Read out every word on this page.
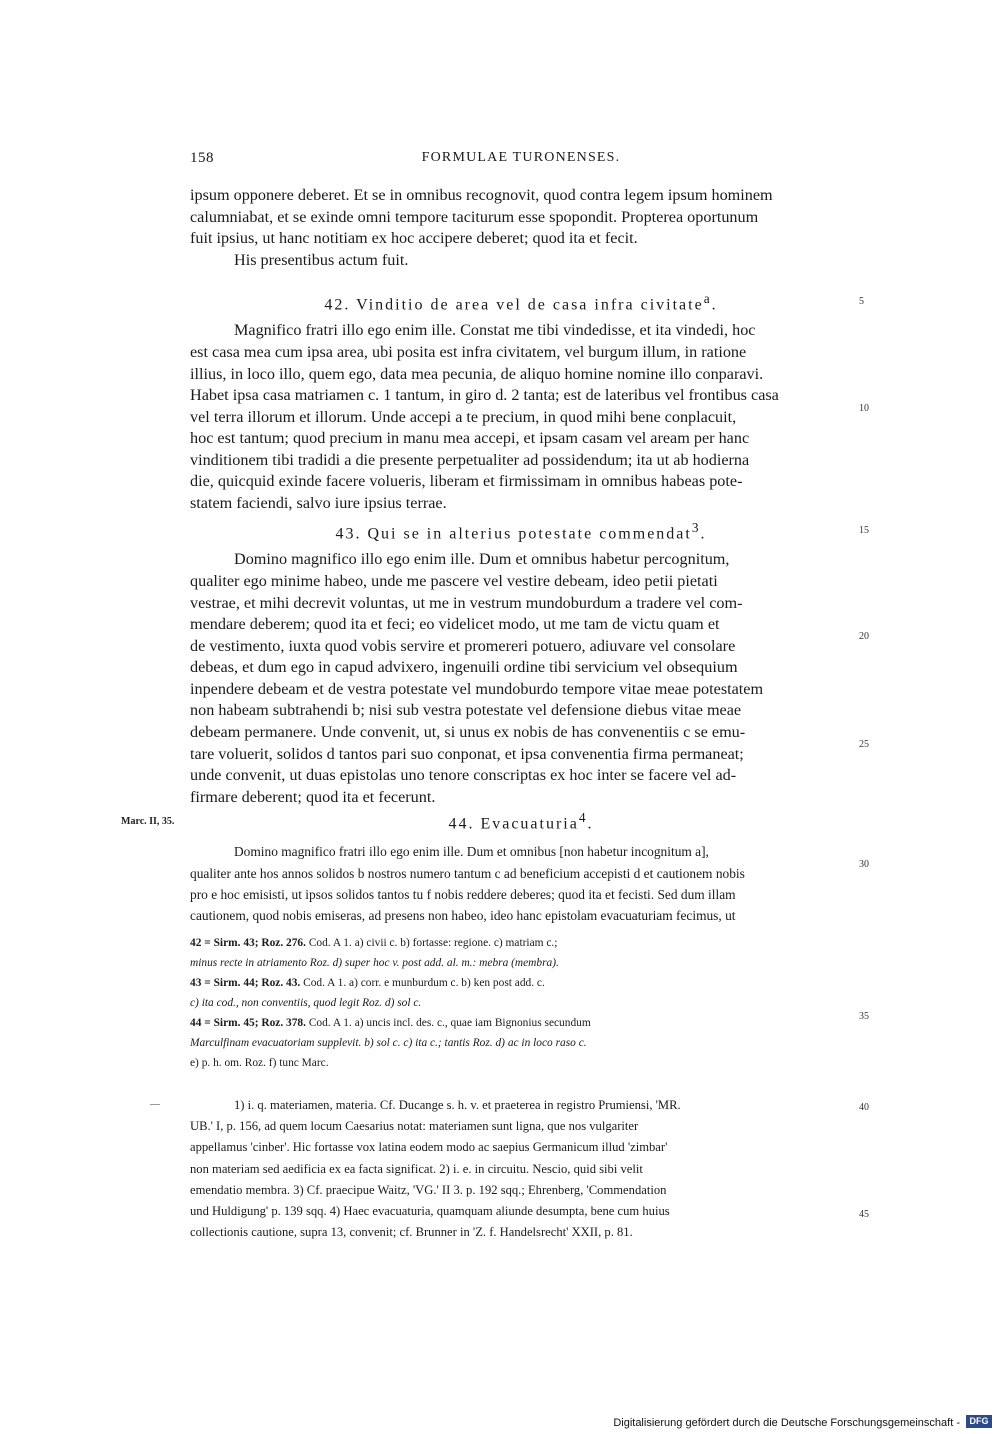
158	FORMULAE TURONENSES.

ipsum opponere deberet. Et se in omnibus recognovit, quod contra legem ipsum hominem

calumniabat, et se exinde omni tempore taciturum esse spopondit. Propterea oportunum

fuit ipsius, ut hanc notitiam ex hoc accipere deberet; quod ita et fecit.

His presentibus actum fuit.

42. Vinditio de area vel de casa infra civitate$^a$.

Magnifico fratri illo ego enim ille. Constat me tibi vindedisse, et ita vindedi, hoc

est casa mea cum ipsa area, ubi posita est infra civitatem, vel burgum illum, in ratione

illius, in loco illo, quem ego, data mea pecunia, de aliquo homine nomine illo conparavi.

Habet ipsa casa matriamen c. 1 tantum, in giro d. 2 tanta; est de lateribus vel frontibus casa

vel terra illorum et illorum. Unde accepi a te precium, in quod mihi bene conplacuit,

hoc est tantum; quod precium in manu mea accepi, et ipsam casam vel aream per hanc

vinditionem tibi tradidi a die presente perpetualiter ad possidendum; ita ut ab hodierna

die, quicquid exinde facere volueris, liberam et firmissimam in omnibus habeas pote-

statem faciendi, salvo iure ipsius terrae.

43. Qui se in alterius potestate commendat$^3$.

Domino magnifico illo ego enim ille. Dum et omnibus habetur percognitum,

qualiter ego minime habeo, unde me pascere vel vestire debeam, ideo petii pietati

vestrae, et mihi decrevit voluntas, ut me in vestrum mundoburdum a tradere vel com-

mendare deberem; quod ita et feci; eo videlicet modo, ut me tam de victu quam et

de vestimento, iuxta quod vobis servire et promereri potuero, adiuvare vel consolare

debeas, et dum ego in capud advixero, ingenuili ordine tibi servicium vel obsequium

inpendere debeam et de vestra potestate vel mundoburdo tempore vitae meae potestatem

non habeam subtrahendi b; nisi sub vestra potestate vel defensione diebus vitae meae

debeam permanere. Unde convenit, ut, si unus ex nobis de has convenentiis c se emu-

tare voluerit, solidos d tantos pari suo conponat, et ipsa convenentia firma permaneat;

unde convenit, ut duas epistolas uno tenore conscriptas ex hoc inter se facere vel ad-

firmare deberent; quod ita et fecerunt.

Marc. II, 35.	44. Evacuaturia$^4$.

Domino magnifico fratri illo ego enim ille. Dum et omnibus [non habetur incognitum a],

qualiter ante hos annos solidos b nostros numero tantum c ad beneficium accepisti d et cautionem nobis

pro e hoc emisisti, ut ipsos solidos tantos tu f nobis reddere deberes; quod ita et fecisti. Sed dum illam

cautionem, quod nobis emiseras, ad presens non habeo, ideo hanc epistolam evacuaturiam fecimus, ut

5
10
15
20
25
30
35
40
45

42 = Sirm. 43; Roz. 276. Cod. A 1. a) civii c. b) fortasse: regione. c) matriam c.;

minus recte in atriamento Roz. d) super hoc v. post add. al. m.: mebra (membra).

43 = Sirm. 44; Roz. 43. Cod. A 1. a) corr. e munburdum c. b) ken post add. c.

c) ita cod., non conventiis, quod legit Roz. d) sol c.

44 = Sirm. 45; Roz. 378. Cod. A 1. a) uncis incl. des. c., quae iam Bignonius secundum

Marculfinam evacuatoriam supplevit. b) sol c. c) ita c.; tantis Roz. d) ac in loco raso c.

e) p. h. om. Roz. f) tunc Marc.

1) i. q. materiamen, materia. Cf. Ducange s. h. v. et praeterea in registro Prumiensi, 'MR.

UB.' I, p. 156, ad quem locum Caesarius notat: materiamen sunt ligna, que nos vulgariter

appellamus 'cinber'. Hic fortasse vox latina eodem modo ac saepius Germanicum illud 'zimbar'

non materiam sed aedificia ex ea facta significat. 2) i. e. in circuitu. Nescio, quid sibi velit

emendatio membra. 3) Cf. praecipue Waitz, 'VG.' II 3. p. 192 sqq.; Ehrenberg, 'Commendation

und Huldigung' p. 139 sqq. 4) Haec evacuaturia, quamquam aliunde desumpta, bene cum huius

collectionis cautione, supra 13, convenit; cf. Brunner in 'Z. f. Handelsrecht' XXII, p. 81.

Digitalisierung gefördert durch die Deutsche Forschungsgemeinschaft -	DFG
